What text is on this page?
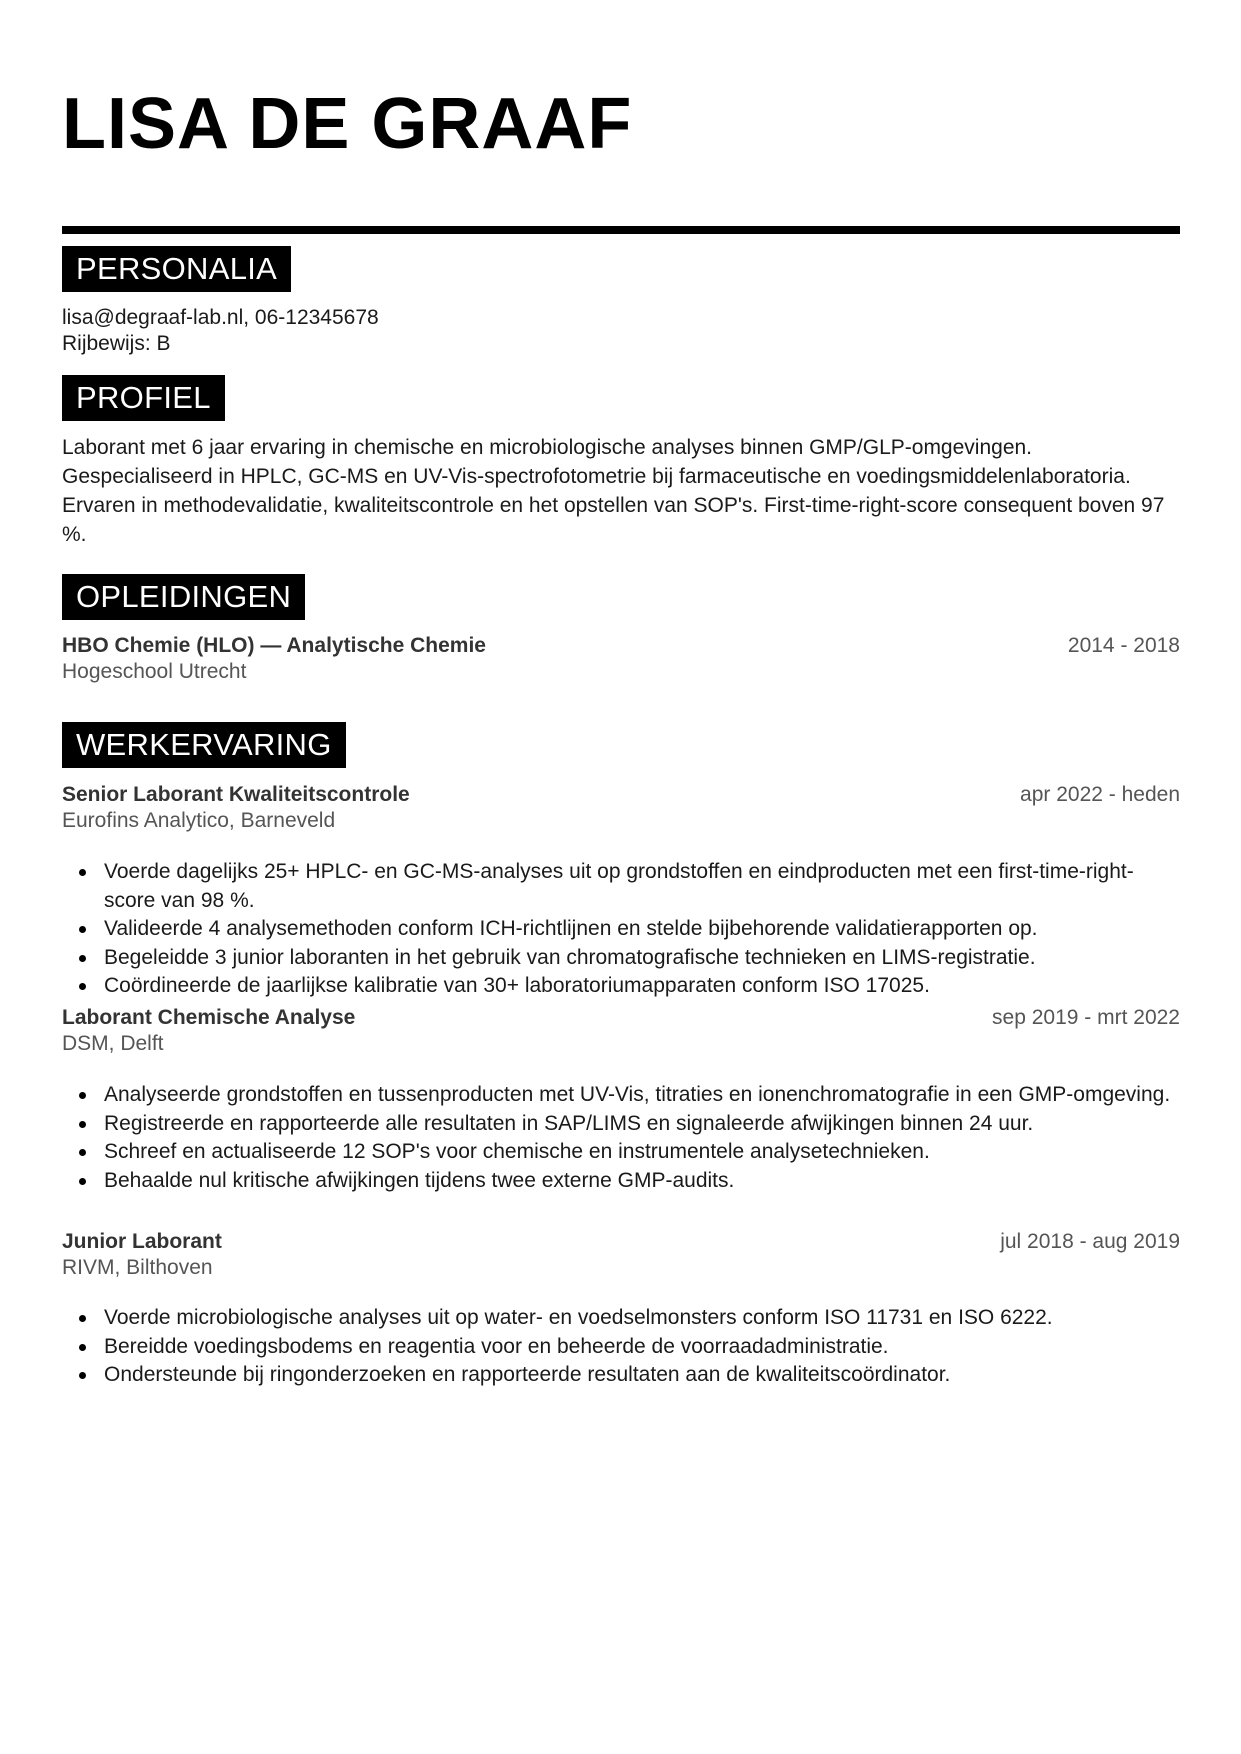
LISA DE GRAAF
PERSONALIA
lisa@degraaf-lab.nl, 06-12345678
Rijbewijs: B
PROFIEL

Laborant met 6 jaar ervaring in chemische en microbiologische analyses binnen GMP/GLP-omgevingen. Gespecialiseerd in HPLC, GC-MS en UV-Vis-spectrofotometrie bij farmaceutische en voedingsmiddelenlaboratoria. Ervaren in methodevalidatie, kwaliteitscontrole en het opstellen van SOP's. First-time-right-score consequent boven 97 %.

OPLEIDINGEN
HBO Chemie (HLO) — Analytische Chemie	2014 - 2018
Hogeschool Utrecht
WERKERVARING
Senior Laborant Kwaliteitscontrole	apr 2022 - heden
Eurofins Analytico, Barneveld
Voerde dagelijks 25+ HPLC- en GC-MS-analyses uit op grondstoffen en eindproducten met een first-time-right-score van 98 %.
Valideerde 4 analysemethoden conform ICH-richtlijnen en stelde bijbehorende validatierapporten op.
Begeleidde 3 junior laboranten in het gebruik van chromatografische technieken en LIMS-registratie.
Coördineerde de jaarlijkse kalibratie van 30+ laboratoriumapparaten conform ISO 17025.
Laborant Chemische Analyse	sep 2019 - mrt 2022
DSM, Delft
Analyseerde grondstoffen en tussenproducten met UV-Vis, titraties en ionenchromatografie in een GMP-omgeving.
Registreerde en rapporteerde alle resultaten in SAP/LIMS en signaleerde afwijkingen binnen 24 uur.
Schreef en actualiseerde 12 SOP's voor chemische en instrumentele analysetechnieken.
Behaalde nul kritische afwijkingen tijdens twee externe GMP-audits.
Junior Laborant	jul 2018 - aug 2019
RIVM, Bilthoven
Voerde microbiologische analyses uit op water- en voedselmonsters conform ISO 11731 en ISO 6222.
Bereidde voedingsbodems en reagentia voor en beheerde de voorraadadministratie.
Ondersteunde bij ringonderzoeken en rapporteerde resultaten aan de kwaliteitscoördinator.
